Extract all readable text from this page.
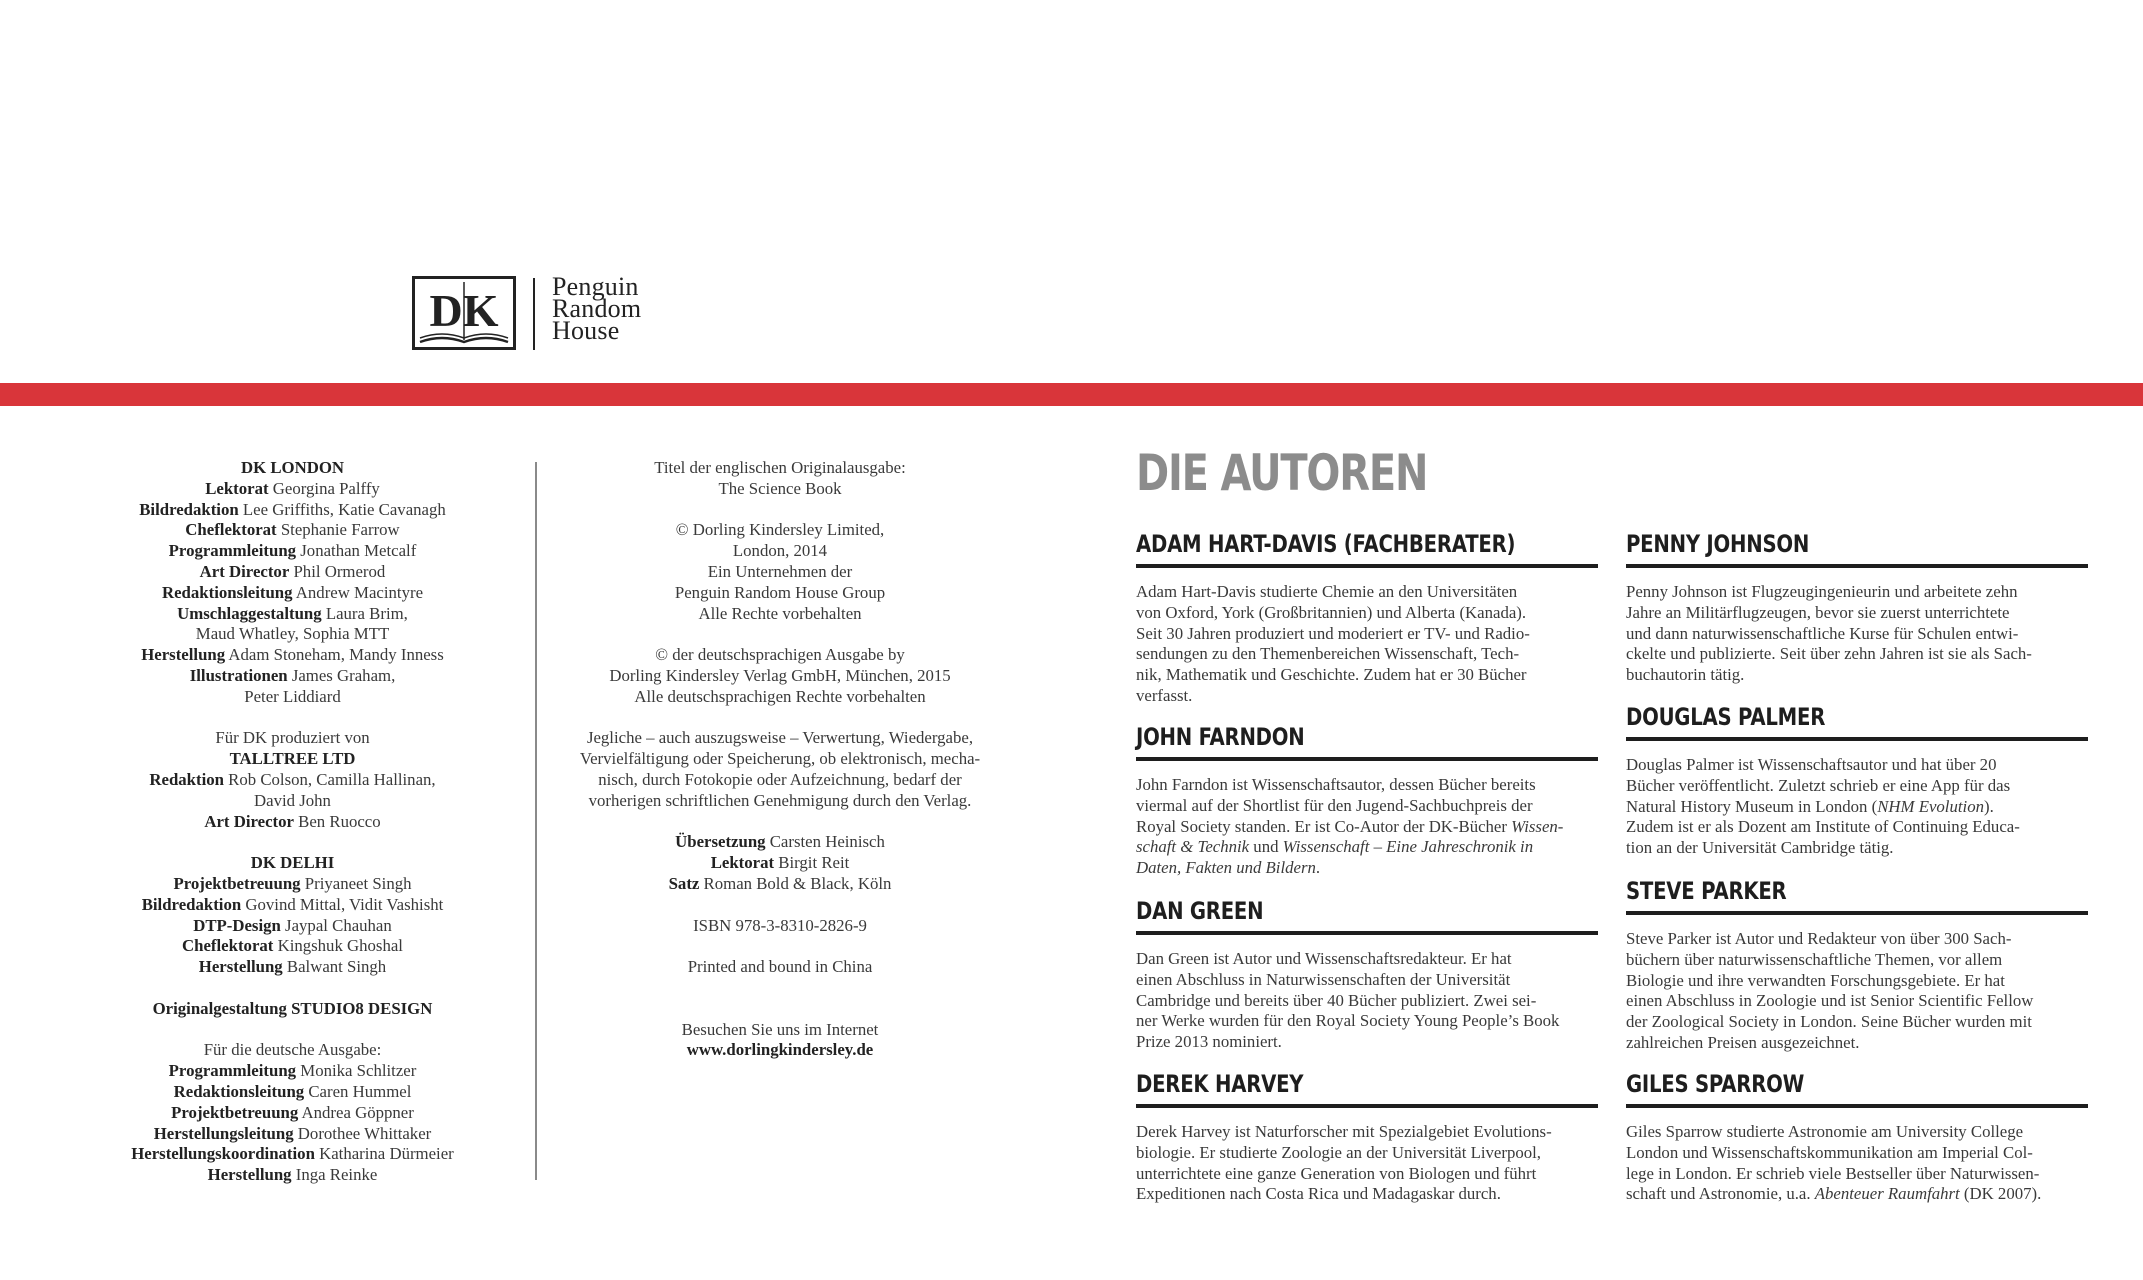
DK Penguin
Random
House
DK LONDON
Lektorat Georgina Palffy
Bildredaktion Lee Griffiths, Katie Cavanagh
Cheflektorat Stephanie Farrow
Programmleitung Jonathan Metcalf
Art Director Phil Ormerod
Redaktionsleitung Andrew Macintyre
Umschlaggestaltung Laura Brim,
Maud Whatley, Sophia MTT
Herstellung Adam Stoneham, Mandy Inness
Illustrationen James Graham,
Peter Liddiard
Für DK produziert von
TALLTREE LTD
Redaktion Rob Colson, Camilla Hallinan,
David John
Art Director Ben Ruocco
DK DELHI
Projektbetreuung Priyaneet Singh
Bildredaktion Govind Mittal, Vidit Vashisht
DTP-Design Jaypal Chauhan
Cheflektorat Kingshuk Ghoshal
Herstellung Balwant Singh
Originalgestaltung STUDIO8 DESIGN
Für die deutsche Ausgabe:
Programmleitung Monika Schlitzer
Redaktionsleitung Caren Hummel
Projektbetreuung Andrea Göppner
Herstellungsleitung Dorothee Whittaker
Herstellungskoordination Katharina Dürmeier
Herstellung Inga Reinke
Titel der englischen Originalausgabe:
The Science Book
© Dorling Kindersley Limited,
London, 2014
Ein Unternehmen der
Penguin Random House Group
Alle Rechte vorbehalten
© der deutschsprachigen Ausgabe by
Dorling Kindersley Verlag GmbH, München, 2015
Alle deutschsprachigen Rechte vorbehalten
Jegliche – auch auszugsweise – Verwertung, Wiedergabe,
Vervielfältigung oder Speicherung, ob elektronisch, mecha-
nisch, durch Fotokopie oder Aufzeichnung, bedarf der
vorherigen schriftlichen Genehmigung durch den Verlag.
Übersetzung Carsten Heinisch
Lektorat Birgit Reit
Satz Roman Bold & Black, Köln
ISBN 978-3-8310-2826-9
Printed and bound in China
Besuchen Sie uns im Internet
www.dorlingkindersley.de
DIE AUTOREN
ADAM HART-DAVIS (FACHBERATER)
Adam Hart-Davis studierte Chemie an den Universitäten
von Oxford, York (Großbritannien) und Alberta (Kanada).
Seit 30 Jahren produziert und moderiert er TV- und Radio-
sendungen zu den Themenbereichen Wissenschaft, Tech-
nik, Mathematik und Geschichte. Zudem hat er 30 Bücher
verfasst.
JOHN FARNDON
John Farndon ist Wissenschaftsautor, dessen Bücher bereits
viermal auf der Shortlist für den Jugend-Sachbuchpreis der
Royal Society standen. Er ist Co-Autor der DK-Bücher Wissen-
schaft & Technik und Wissenschaft – Eine Jahreschronik in
Daten, Fakten und Bildern.
DAN GREEN
Dan Green ist Autor und Wissenschaftsredakteur. Er hat
einen Abschluss in Naturwissenschaften der Universität
Cambridge und bereits über 40 Bücher publiziert. Zwei sei-
ner Werke wurden für den Royal Society Young People’s Book
Prize 2013 nominiert.
DEREK HARVEY
Derek Harvey ist Naturforscher mit Spezialgebiet Evolutions-
biologie. Er studierte Zoologie an der Universität Liverpool,
unterrichtete eine ganze Generation von Biologen und führt
Expeditionen nach Costa Rica und Madagaskar durch.
PENNY JOHNSON
Penny Johnson ist Flugzeugingenieurin und arbeitete zehn
Jahre an Militärflugzeugen, bevor sie zuerst unterrichtete
und dann naturwissenschaftliche Kurse für Schulen entwi-
ckelte und publizierte. Seit über zehn Jahren ist sie als Sach-
buchautorin tätig.
DOUGLAS PALMER
Douglas Palmer ist Wissenschaftsautor und hat über 20
Bücher veröffentlicht. Zuletzt schrieb er eine App für das
Natural History Museum in London (NHM Evolution).
Zudem ist er als Dozent am Institute of Continuing Educa-
tion an der Universität Cambridge tätig.
STEVE PARKER
Steve Parker ist Autor und Redakteur von über 300 Sach-
büchern über naturwissenschaftliche Themen, vor allem
Biologie und ihre verwandten Forschungsgebiete. Er hat
einen Abschluss in Zoologie und ist Senior Scientific Fellow
der Zoological Society in London. Seine Bücher wurden mit
zahlreichen Preisen ausgezeichnet.
GILES SPARROW
Giles Sparrow studierte Astronomie am University College
London und Wissenschaftskommunikation am Imperial Col-
lege in London. Er schrieb viele Bestseller über Naturwissen-
schaft und Astronomie, u.a. Abenteuer Raumfahrt (DK 2007).
